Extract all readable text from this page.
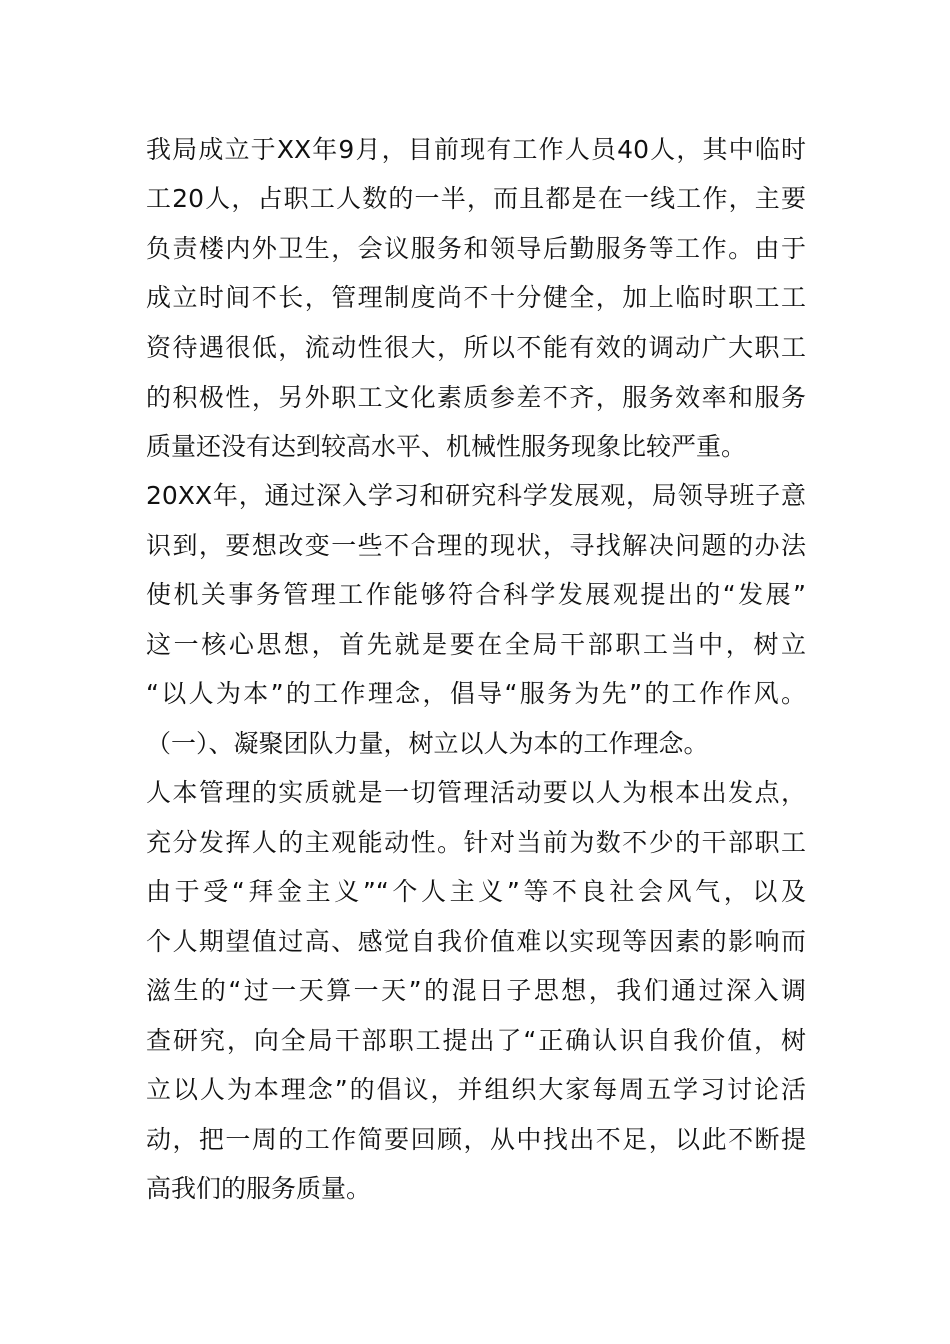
我局成立于XX年9月，目前现有工作人员40人，其中临时

工20人，占职工人数的一半，而且都是在一线工作，主要

负责楼内外卫生，会议服务和领导后勤服务等工作。由于

成立时间不长，管理制度尚不十分健全，加上临时职工工

资待遇很低，流动性很大，所以不能有效的调动广大职工

的积极性，另外职工文化素质参差不齐，服务效率和服务

质量还没有达到较高水平、机械性服务现象比较严重。

20XX年，通过深入学习和研究科学发展观，局领导班子意

识到，要想改变一些不合理的现状，寻找解决问题的办法

使机关事务管理工作能够符合科学发展观提出的“发展”

这一核心思想，首先就是要在全局干部职工当中，树立

“以人为本”的工作理念，倡导“服务为先”的工作作风。

（一）、凝聚团队力量，树立以人为本的工作理念。

人本管理的实质就是一切管理活动要以人为根本出发点，

充分发挥人的主观能动性。针对当前为数不少的干部职工

由于受“拜金主义”“个人主义”等不良社会风气，以及

个人期望值过高、感觉自我价值难以实现等因素的影响而

滋生的“过一天算一天”的混日子思想，我们通过深入调

查研究，向全局干部职工提出了“正确认识自我价值，树

立以人为本理念”的倡议，并组织大家每周五学习讨论活

动，把一周的工作简要回顾，从中找出不足，以此不断提

高我们的服务质量。
